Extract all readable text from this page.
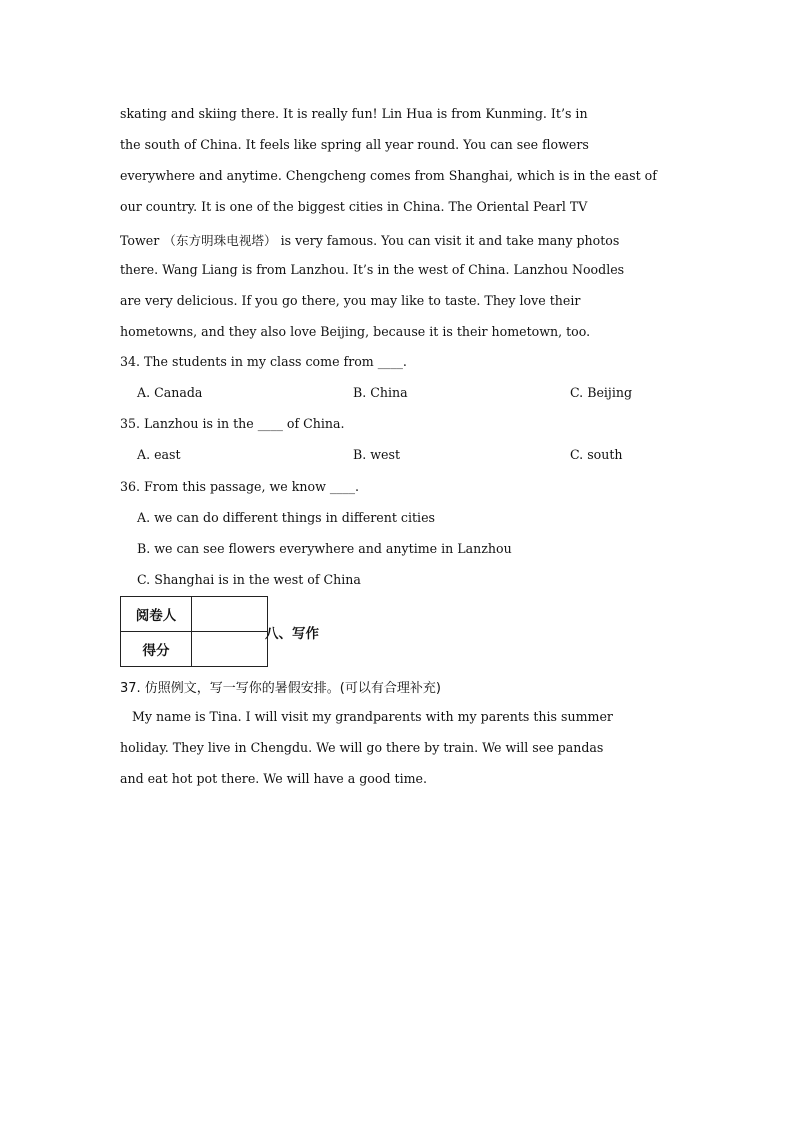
skating and skiing there. It is really fun! Lin Hua is from Kunming. It’s in
the south of China. It feels like spring all year round. You can see flowers
everywhere and anytime. Chengcheng comes from Shanghai, which is in the east of
our country. It is one of the biggest cities in China. The Oriental Pearl TV
Tower （东方明珠电视塔） is very famous. You can visit it and take many photos
there. Wang Liang is from Lanzhou. It’s in the west of China. Lanzhou Noodles
are very delicious. If you go there, you may like to taste. They love their
hometowns, and they also love Beijing, because it is their hometown, too.
34. The students in my class come from ____.
A. Canada	B. China	C. Beijing
35. Lanzhou is in the ____ of China.
A. east	B. west	C. south
36. From this passage, we know ____.
A. we can do different things in different cities
B. we can see flowers everywhere and anytime in Lanzhou
C. Shanghai is in the west of China
阅卷人	
得分	
八、写作
37. 仿照例文，写一写你的暑假安排。(可以有合理补充)
My name is Tina. I will visit my grandparents with my parents this summer
holiday. They live in Chengdu. We will go there by train. We will see pandas
and eat hot pot there. We will have a good time.
